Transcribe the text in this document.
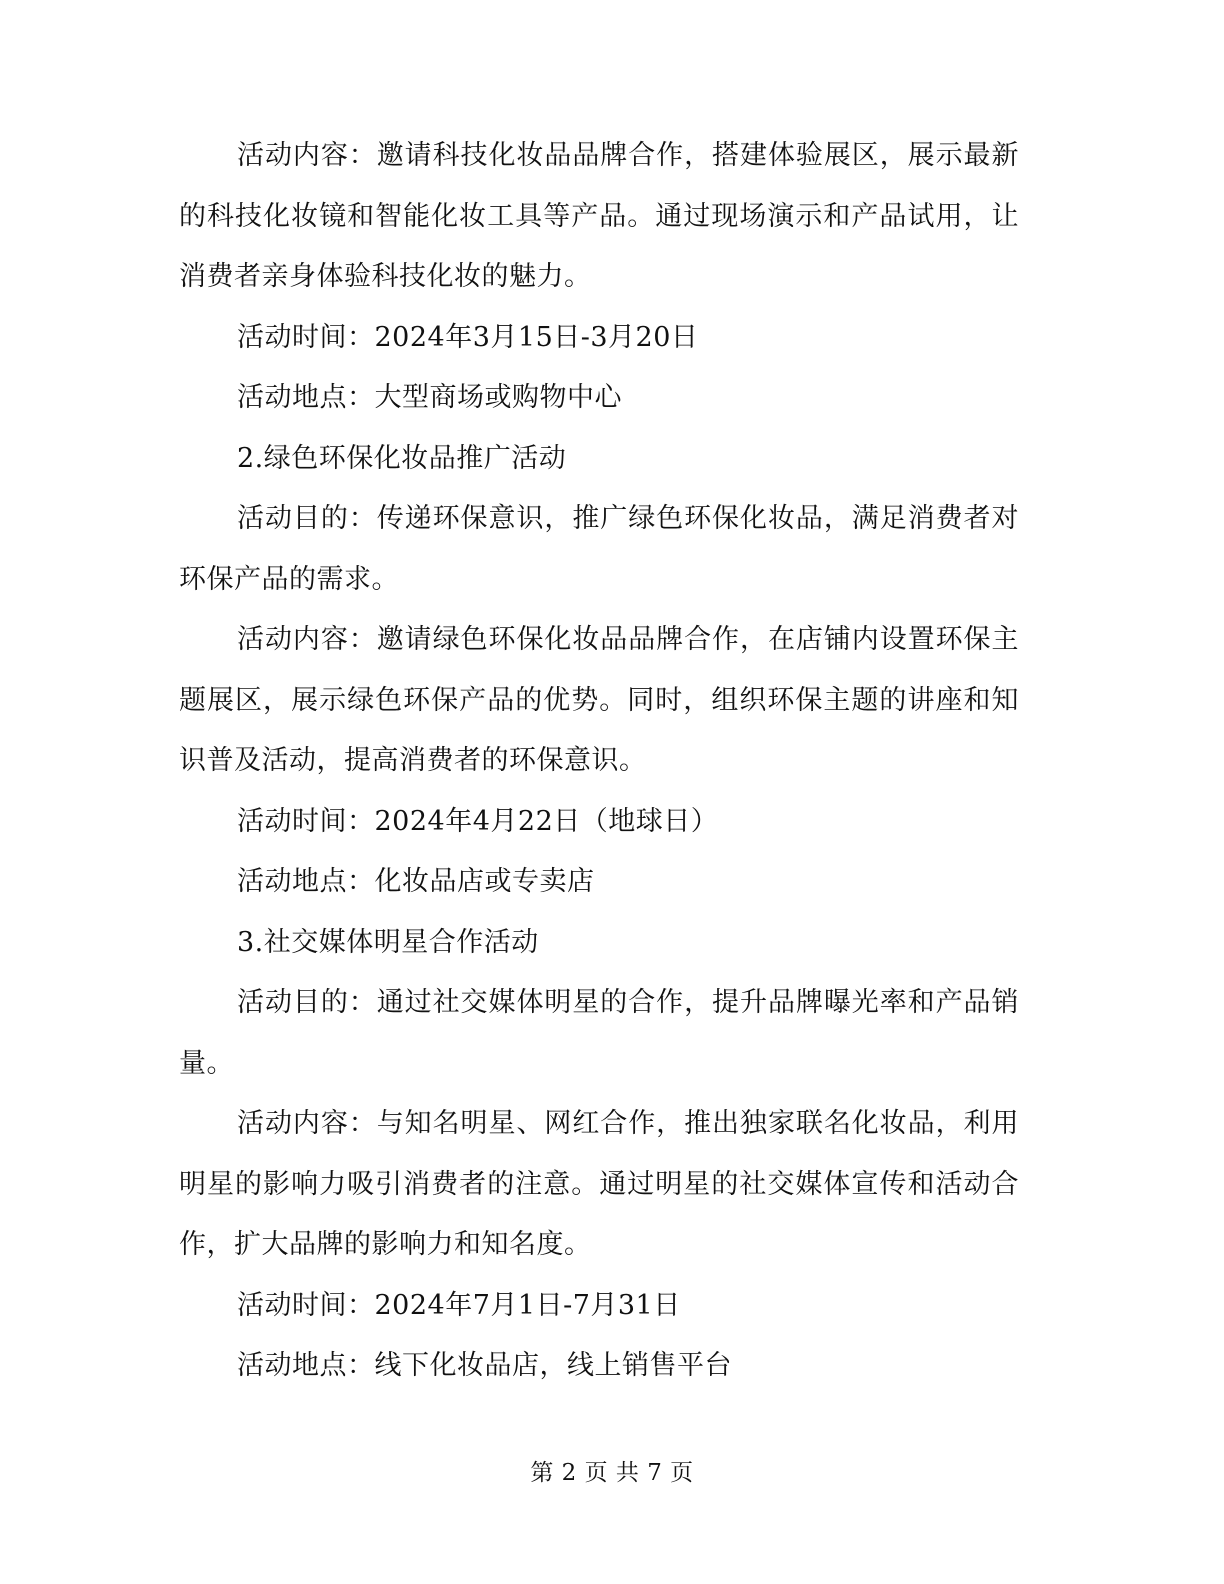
活动内容：邀请科技化妆品品牌合作，搭建体验展区，展示最新的科技化妆镜和智能化妆工具等产品。通过现场演示和产品试用，让消费者亲身体验科技化妆的魅力。

活动时间：2024年3月15日-3月20日

活动地点：大型商场或购物中心

2.绿色环保化妆品推广活动

活动目的：传递环保意识，推广绿色环保化妆品，满足消费者对环保产品的需求。

活动内容：邀请绿色环保化妆品品牌合作，在店铺内设置环保主题展区，展示绿色环保产品的优势。同时，组织环保主题的讲座和知识普及活动，提高消费者的环保意识。

活动时间：2024年4月22日（地球日）

活动地点：化妆品店或专卖店

3.社交媒体明星合作活动

活动目的：通过社交媒体明星的合作，提升品牌曝光率和产品销量。

活动内容：与知名明星、网红合作，推出独家联名化妆品，利用明星的影响力吸引消费者的注意。通过明星的社交媒体宣传和活动合作，扩大品牌的影响力和知名度。

活动时间：2024年7月1日-7月31日

活动地点：线下化妆品店，线上销售平台

第 2 页 共 7 页
